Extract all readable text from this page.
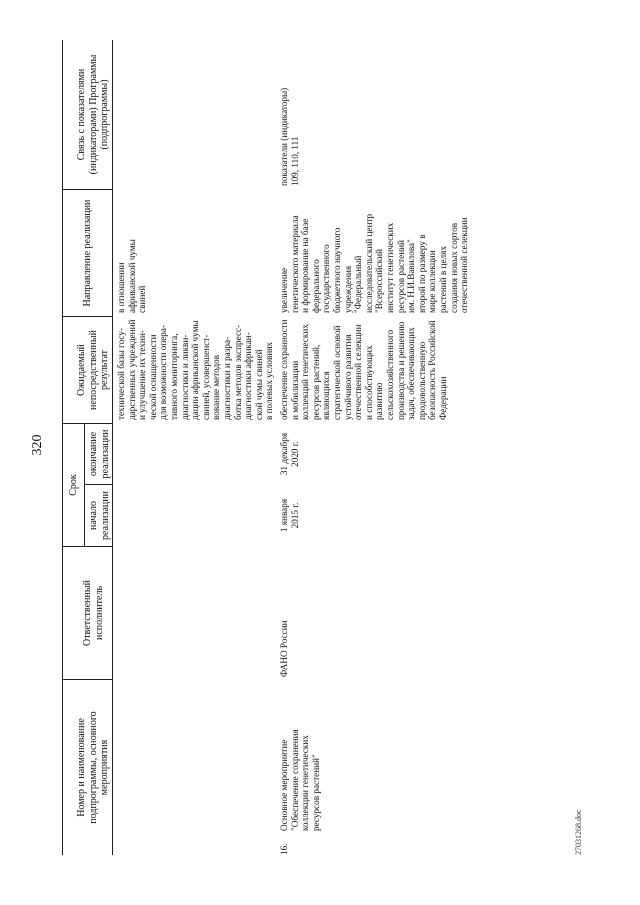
320
27031268.doc
Номер и наименование подпрограммы, основного мероприятия
Ответственный исполнитель
Срок
начало реализации
окончание реализации
Ожидаемый непосредственный результат
Направление реализации
Связь с показателями (индикаторами) Программы (подпрограммы)
технической базы госу- дарственных учреждений и улучшение их техни- ческой оснащенности для возможности опера- тивного мониторинга, диагностики и ликви- дации африканской чумы свиней, усовершенст- вование методов диагностики и разра- ботка методов экспресс- диагностики африкан- ской чумы свиней в полевых условиях
в отношении африканской чумы свиней
16.
Основное мероприятие "Обеспечение сохранения коллекции генетических ресурсов растений"
ФАНО России
1 января 2015 г.
31 декабря 2020 г.
обеспечение сохранности и мобилизации коллекций генетических ресурсов растений, являющихся стратегической основой устойчивого развития отечественной селекции и способствующих развитию сельскохозяйственного производства и решению задач, обеспечивающих продовольственную безопасность Российской Федерации
увеличение генетического материала и формирование на базе федерального государственного бюджетного научного учреждения "Федеральный исследовательский центр "Всероссийский институт генетических ресурсов растений им. Н.И.Вавилова" второй по размеру в мире коллекции растений в целях создания новых сортов отечественной селекции
показатели (индикаторы) 109, 110, 111
